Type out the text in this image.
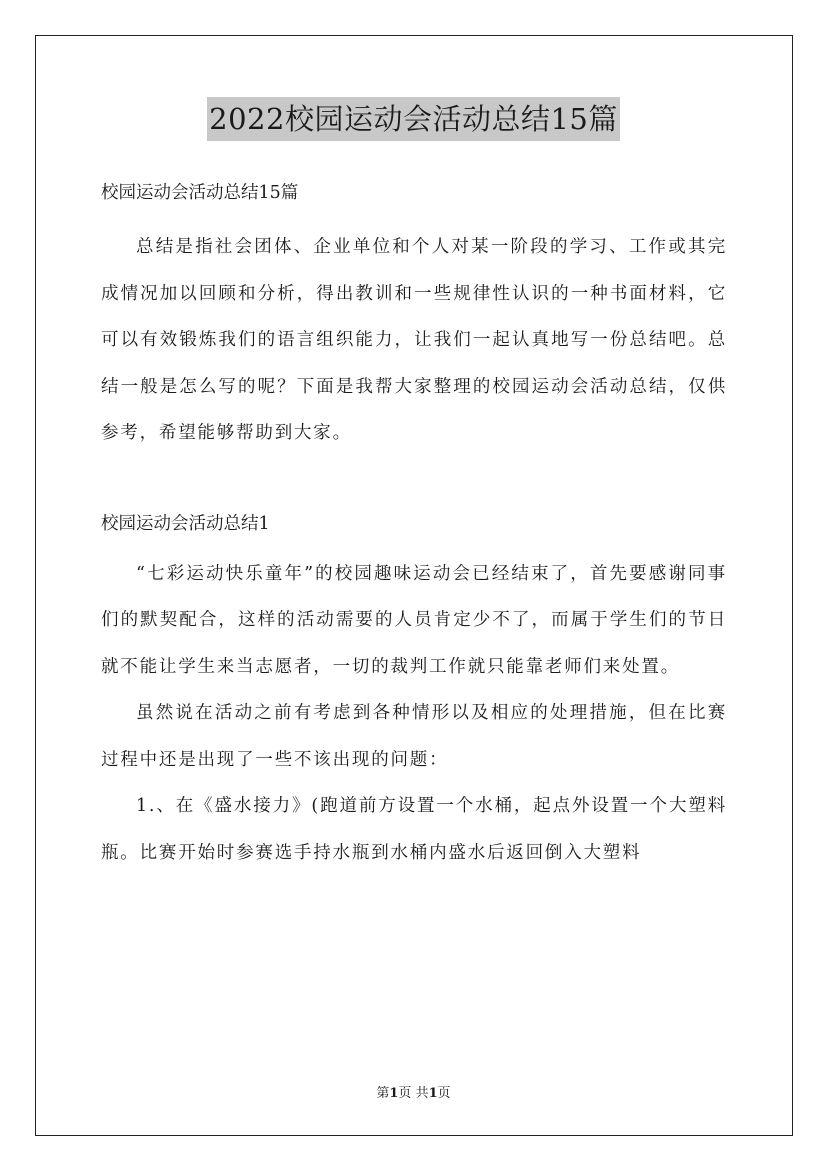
2022校园运动会活动总结15篇

校园运动会活动总结15篇

总结是指社会团体、企业单位和个人对某一阶段的学习、工作或其完成情况加以回顾和分析，得出教训和一些规律性认识的一种书面材料，它可以有效锻炼我们的语言组织能力，让我们一起认真地写一份总结吧。总结一般是怎么写的呢？下面是我帮大家整理的校园运动会活动总结，仅供参考，希望能够帮助到大家。

校园运动会活动总结1

“七彩运动快乐童年”的校园趣味运动会已经结束了，首先要感谢同事们的默契配合，这样的活动需要的人员肯定少不了，而属于学生们的节日就不能让学生来当志愿者，一切的裁判工作就只能靠老师们来处置。

虽然说在活动之前有考虑到各种情形以及相应的处理措施，但在比赛过程中还是出现了一些不该出现的问题：

1.、在《盛水接力》(跑道前方设置一个水桶，起点外设置一个大塑料瓶。比赛开始时参赛选手持水瓶到水桶内盛水后返回倒入大塑料

第1页 共1页
